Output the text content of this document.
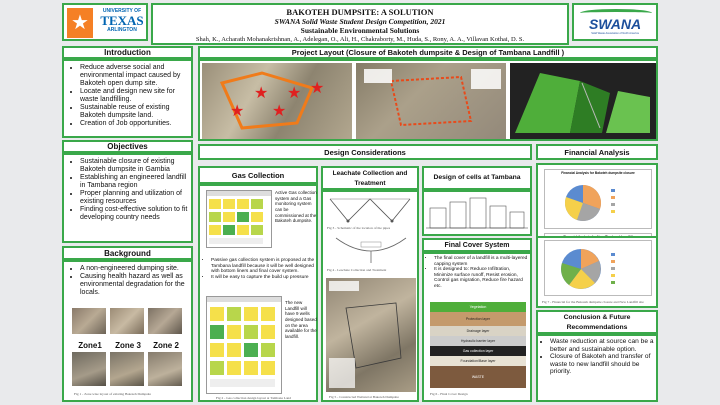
★
UNIVERSITY OF
TEXAS
ARLINGTON
BAKOTEH DUMPSITE: A SOLUTION
SWANA Solid Waste Student Design Competition, 2021
Sustainable Environmental Solutions
Shah, K., Acharath Mohanakrishnan, A., Adelegan, O., Ali, H., Chakraborty, M., Huda, S., Rony, A. A., Villavan Kothai, D. S.
SWANA
Solid Waste Association of North America
Introduction
• Reduce adverse social and environmental impact caused by Bakoteh open dump site.
• Locate and design new site for waste landfilling.
• Sustainable reuse of existing Bakoteh dumpsite land.
• Creation of Job opportunities.
Objectives
• Sustainable closure of existing Bakoteh dumpsite in Gambia
• Establishing an engineered landfill in Tambana region
• Proper planning and utilization of existing resources
• Finding cost-effective solution to fit developing country needs
Background
• A non-engineered dumping site.
• Causing health hazard as well as environmental degradation for the locals.
Zone1	Zone 3	Zone 2
Fig 1 - Zone wise layout of existing Bakoteh Dumpsite
Project Layout (Closure of Bakoteh dumpsite & Design of Tambana Landfill )
★ ★
★
★
★
Design Considerations
Gas Collection
Active Gas collection system and a Gas monitoring system can be commissioned at the Bakoteh dumpsite.
• Passive gas collection system is proposed at the Tambana landfill because it will be well designed with bottom liners and final cover system.
• It will be easy to capture the build up pressure
The new Landfill will have 9 wells designed based on the area available for the landfill.
Fig 2 - Gas collection design layout at Tambana Land
Leachate Collection and Treatment
Fig 3 - Schematic of the location of the pipes
Fig 4 - Leachate Collection and Treatment
Fig 5 - Constructed Wetland at Bakoteh Dumpsite
Design of cells at Tambana
Final Cover System
• The final cover of a landfill is a multi-layered capping system
• It is designed to: Reduce Infiltration, Minimize surface runoff, Resist erosion, Control gas migration, Reduce fire hazard etc.
Vegetation
Protection layer
Drainage layer
Hydraulic barrier layer
Gas collection layer
Foundation/Base layer
WASTE
Fig 6 - Final Cover Design
Financial Analysis
Financial Analysis for Bakoteh dumpsite closure
Fig 7 - Financial for the Bakoteh dumpsite closure and New Landfill site
Conclusion & Future Recommendations
• Waste reduction at source can be a better and sustainable option.
• Closure of Bakoteh and transfer of waste to new landfill should be priority.
